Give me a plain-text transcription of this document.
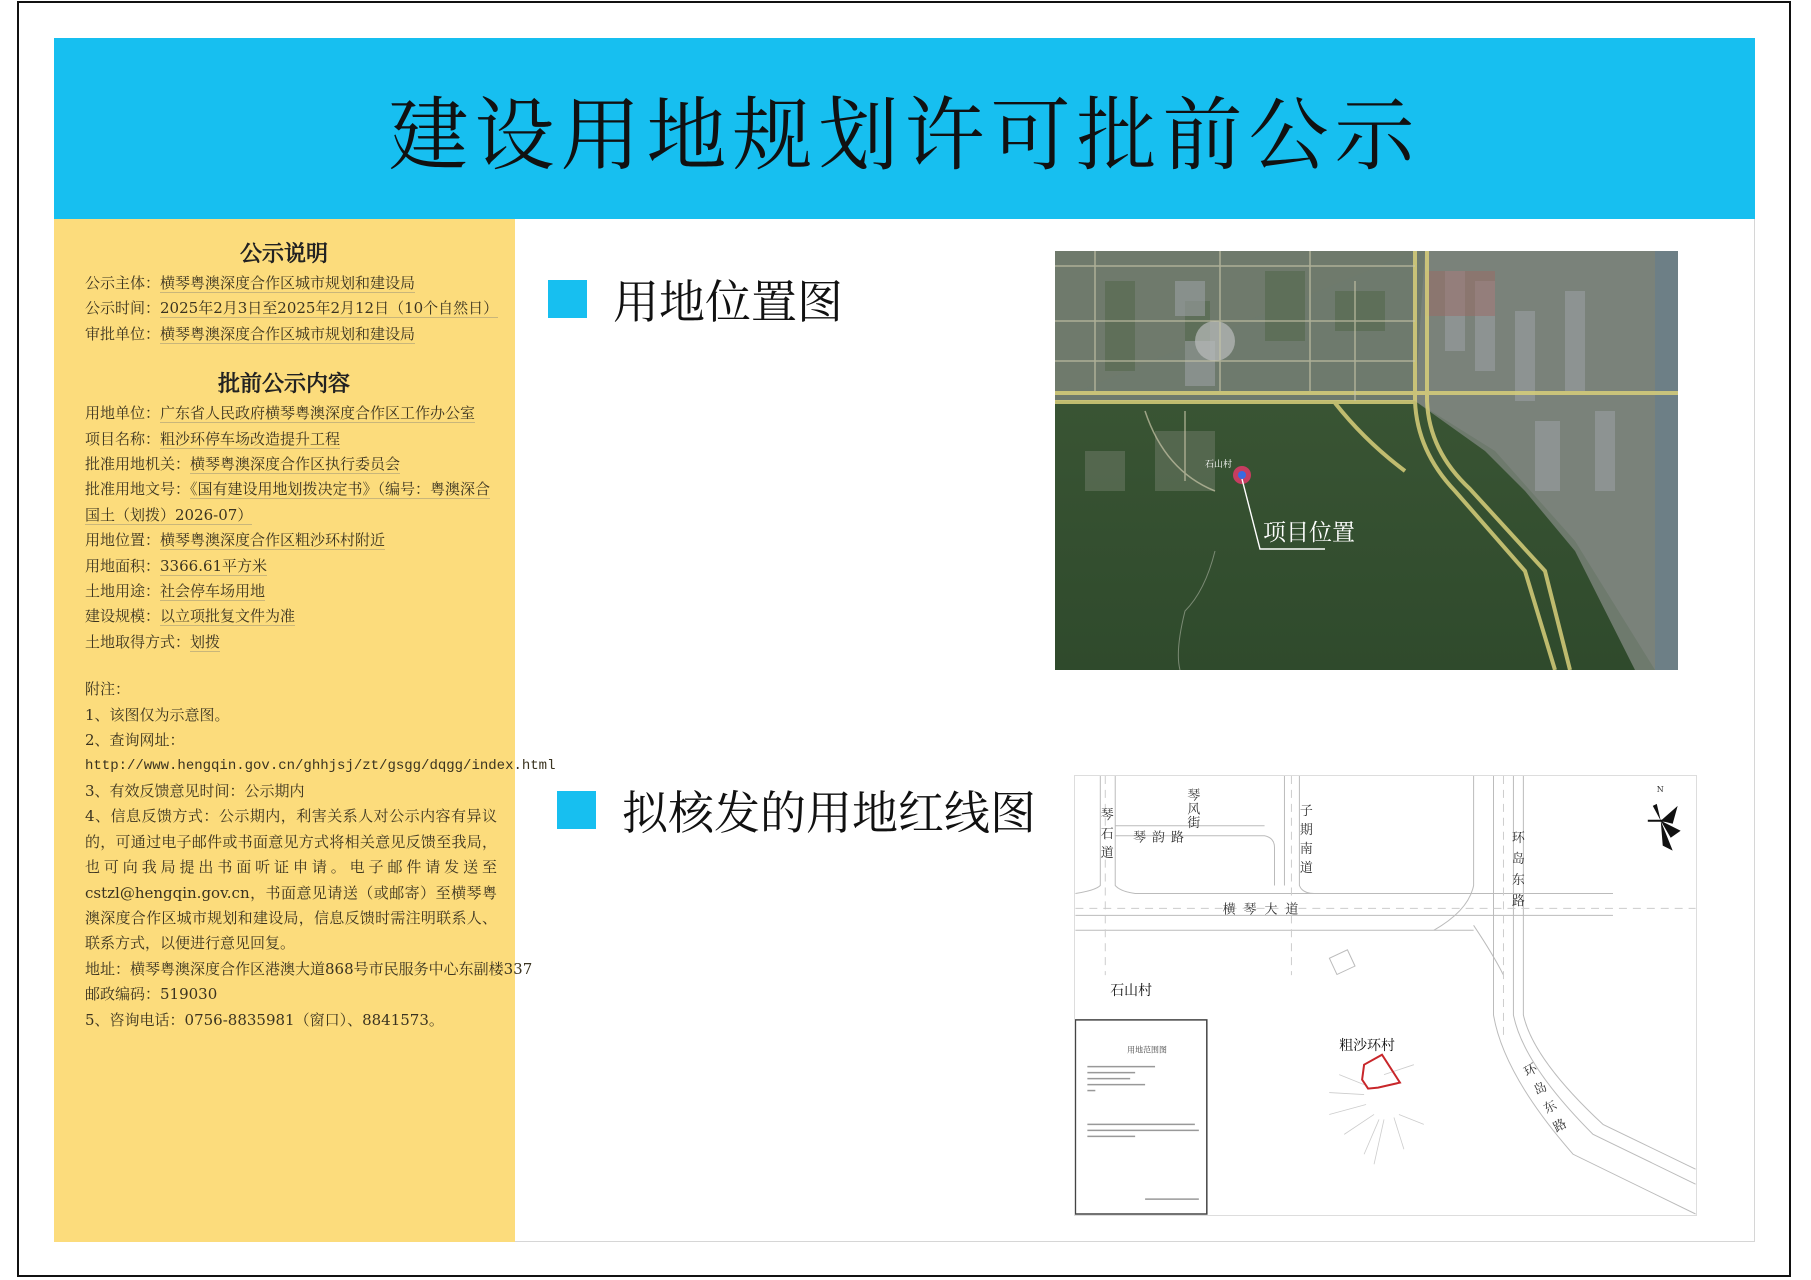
建设用地规划许可批前公示
公示说明
公示主体：横琴粤澳深度合作区城市规划和建设局
公示时间：2025年2月3日至2025年2月12日（10个自然日）
审批单位：横琴粤澳深度合作区城市规划和建设局
批前公示内容
用地单位：广东省人民政府横琴粤澳深度合作区工作办公室
项目名称：粗沙环停车场改造提升工程
批准用地机关：横琴粤澳深度合作区执行委员会
批准用地文号：《国有建设用地划拨决定书》（编号：粤澳深合国土（划拨）2026-07）
用地位置：横琴粤澳深度合作区粗沙环村附近
用地面积：3366.61平方米
土地用途：社会停车场用地
建设规模：以立项批复文件为准
土地取得方式：划拨
附注：
1、该图仅为示意图。
2、查询网址：
http://www.hengqin.gov.cn/ghhjsj/zt/gsgg/dqgg/index.html
3、有效反馈意见时间：公示期内
4、信息反馈方式：公示期内，利害关系人对公示内容有异议的，可通过电子邮件或书面意见方式将相关意见反馈至我局，也可向我局提出书面听证申请。电子邮件请发送至cstzl@hengqin.gov.cn，书面意见请送（或邮寄）至横琴粤澳深度合作区城市规划和建设局，信息反馈时需注明联系人、联系方式，以便进行意见回复。
地址：横琴粤澳深度合作区港澳大道868号市民服务中心东副楼337
邮政编码：519030
5、咨询电话：0756-8835981（窗口）、8841573。
用地位置图
拟核发的用地红线图
项目位置
石山村
琴石道	琴风街
琴韵路	子期南道
横琴大道	环岛东路
环岛东路
石山村
粗沙环村
N
用地范围图
